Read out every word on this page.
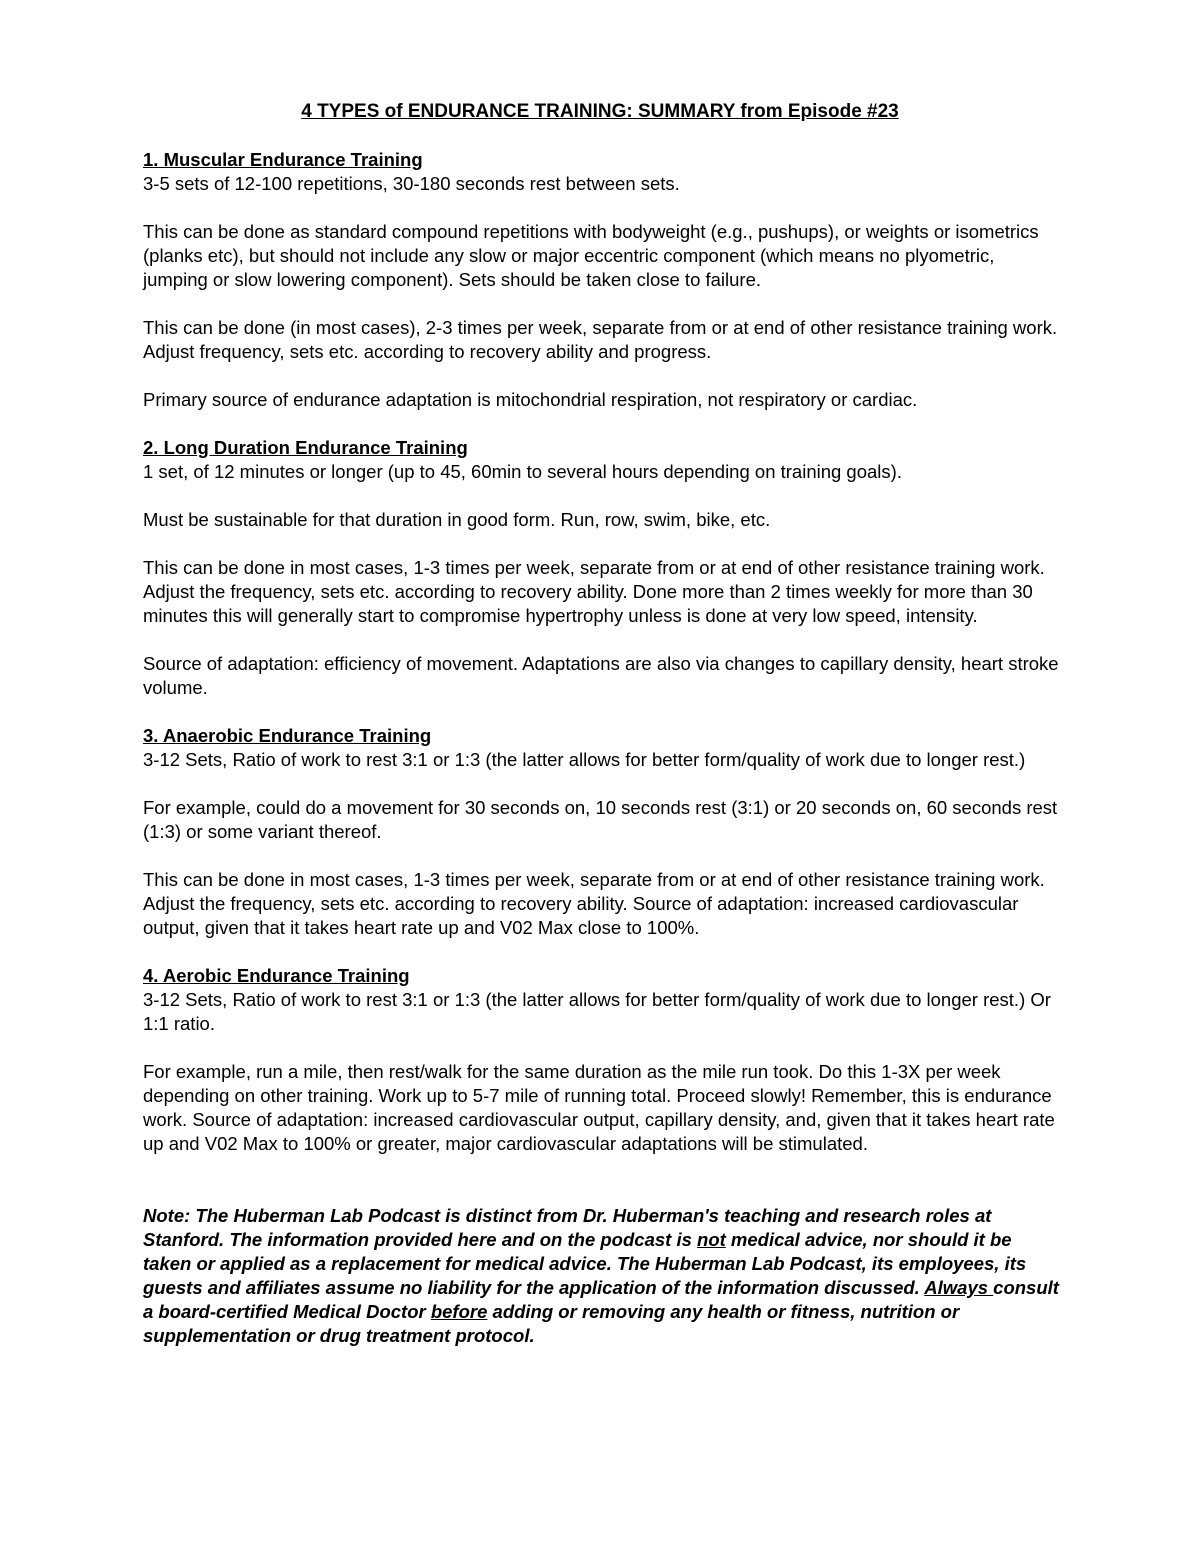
4 TYPES of ENDURANCE TRAINING: SUMMARY from Episode #23

1. Muscular Endurance Training

3-5 sets of 12-100 repetitions, 30-180 seconds rest between sets.

This can be done as standard compound repetitions with bodyweight (e.g., pushups), or weights or isometrics (planks etc), but should not include any slow or major eccentric component (which means no plyometric, jumping or slow lowering component). Sets should be taken close to failure.

This can be done (in most cases), 2-3 times per week, separate from or at end of other resistance training work. Adjust frequency, sets etc. according to recovery ability and progress.

Primary source of endurance adaptation is mitochondrial respiration, not respiratory or cardiac.

2. Long Duration Endurance Training

1 set, of 12 minutes or longer (up to 45, 60min to several hours depending on training goals).

Must be sustainable for that duration in good form. Run, row, swim, bike, etc.

This can be done in most cases, 1-3 times per week, separate from or at end of other resistance training work. Adjust the frequency, sets etc. according to recovery ability. Done more than 2 times weekly for more than 30 minutes this will generally start to compromise hypertrophy unless is done at very low speed, intensity.

Source of adaptation: efficiency of movement. Adaptations are also via changes to capillary density, heart stroke volume.

3. Anaerobic Endurance Training

3-12 Sets, Ratio of work to rest 3:1 or 1:3 (the latter allows for better form/quality of work due to longer rest.)

For example, could do a movement for 30 seconds on, 10 seconds rest (3:1) or 20 seconds on, 60 seconds rest (1:3) or some variant thereof.

This can be done in most cases, 1-3 times per week, separate from or at end of other resistance training work. Adjust the frequency, sets etc. according to recovery ability. Source of adaptation: increased cardiovascular output, given that it takes heart rate up and V02 Max close to 100%.

4. Aerobic Endurance Training

3-12 Sets, Ratio of work to rest 3:1 or 1:3 (the latter allows for better form/quality of work due to longer rest.) Or 1:1 ratio.

For example, run a mile, then rest/walk for the same duration as the mile run took. Do this 1-3X per week depending on other training. Work up to 5-7 mile of running total. Proceed slowly! Remember, this is endurance work. Source of adaptation: increased cardiovascular output, capillary density, and, given that it takes heart rate up and V02 Max to 100% or greater, major cardiovascular adaptations will be stimulated.

Note: The Huberman Lab Podcast is distinct from Dr. Huberman's teaching and research roles at Stanford. The information provided here and on the podcast is not medical advice, nor should it be taken or applied as a replacement for medical advice. The Huberman Lab Podcast, its employees, its guests and affiliates assume no liability for the application of the information discussed. Always consult a board-certified Medical Doctor before adding or removing any health or fitness, nutrition or supplementation or drug treatment protocol.
